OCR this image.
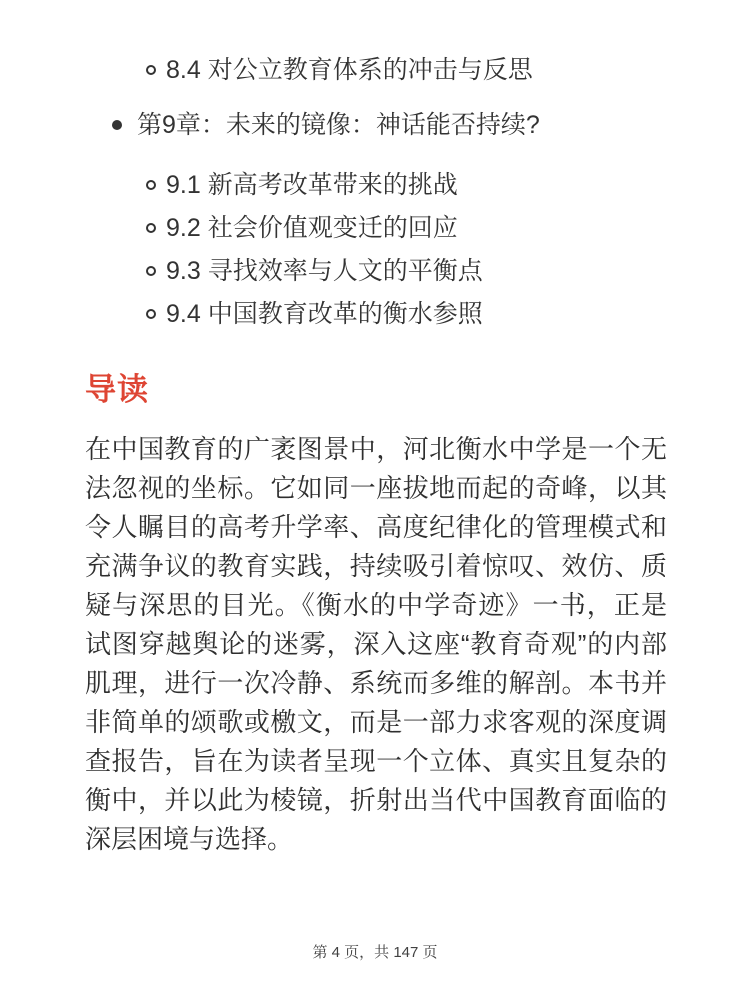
8.4 对公立教育体系的冲击与反思
第9章：未来的镜像：神话能否持续?
9.1 新高考改革带来的挑战
9.2 社会价值观变迁的回应
9.3 寻找效率与人文的平衡点
9.4 中国教育改革的衡水参照
导读

在中国教育的广袤图景中，河北衡水中学是一个无法忽视的坐标。它如同一座拔地而起的奇峰，以其令人瞩目的高考升学率、高度纪律化的管理模式和充满争议的教育实践，持续吸引着惊叹、效仿、质疑与深思的目光。《衡水的中学奇迹》一书，正是试图穿越舆论的迷雾，深入这座“教育奇观”的内部肌理，进行一次冷静、系统而多维的解剖。本书并非简单的颂歌或檄文，而是一部力求客观的深度调查报告，旨在为读者呈现一个立体、真实且复杂的衡中，并以此为棱镜，折射出当代中国教育面临的深层困境与选择。

第 4 页，共 147 页
